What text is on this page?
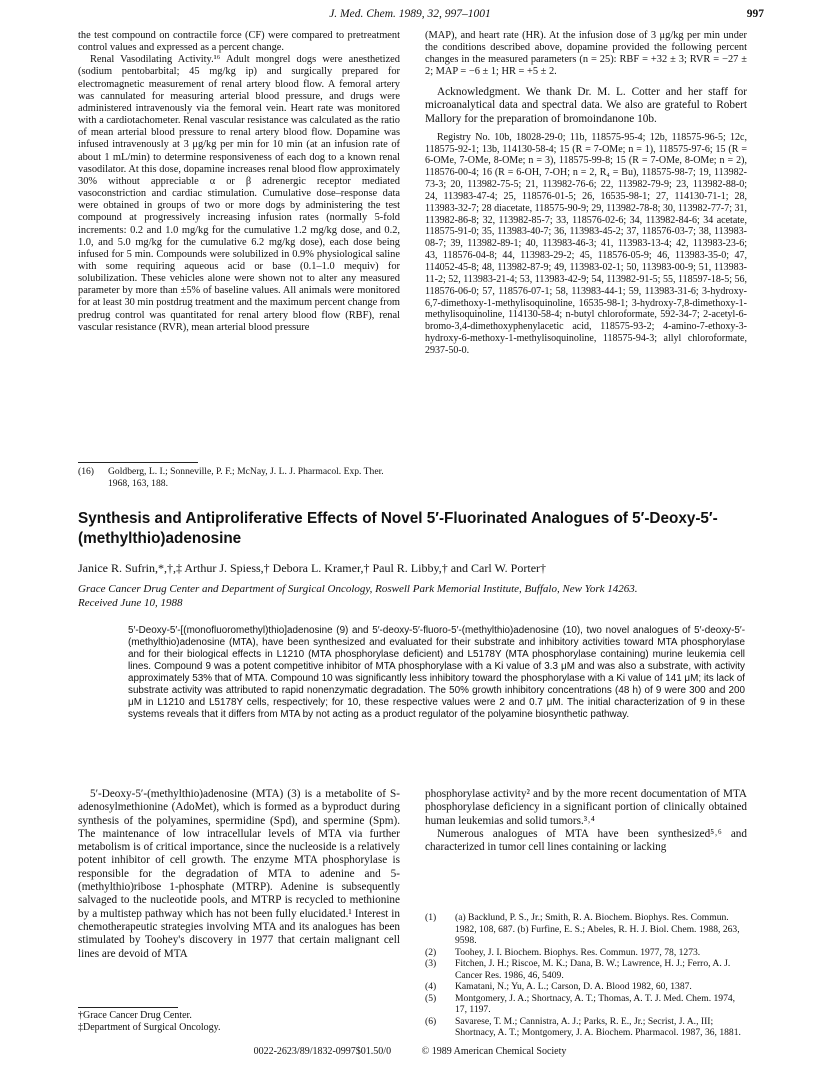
J. Med. Chem. 1989, 32, 997–1001	997

the test compound on contractile force (CF) were compared to pretreatment control values and expressed as a percent change.

Renal Vasodilating Activity.¹⁶ Adult mongrel dogs were anesthetized (sodium pentobarbital; 45 mg/kg ip) and surgically prepared for electromagnetic measurement of renal artery blood flow. A femoral artery was cannulated for measuring arterial blood pressure, and drugs were administered intravenously via the femoral vein. Heart rate was monitored with a cardiotachometer. Renal vascular resistance was calculated as the ratio of mean arterial blood pressure to renal artery blood flow. Dopamine was infused intravenously at 3 μg/kg per min for 10 min (at an infusion rate of about 1 mL/min) to determine responsiveness of each dog to a known renal vasodilator. At this dose, dopamine increases renal blood flow approximately 30% without appreciable α or β adrenergic receptor mediated vasoconstriction and cardiac stimulation. Cumulative dose–response data were obtained in groups of two or more dogs by administering the test compound at progressively increasing infusion rates (normally 5-fold increments: 0.2 and 1.0 mg/kg for the cumulative 1.2 mg/kg dose, and 0.2, 1.0, and 5.0 mg/kg for the cumulative 6.2 mg/kg dose), each dose being infused for 5 min. Compounds were solubilized in 0.9% physiological saline with some requiring aqueous acid or base (0.1–1.0 mequiv) for solubilization. These vehicles alone were shown not to alter any measured parameter by more than ±5% of baseline values. All animals were monitored for at least 30 min postdrug treatment and the maximum percent change from predrug control was quantitated for renal artery blood flow (RBF), renal vascular resistance (RVR), mean arterial blood pressure

(16) Goldberg, L. I.; Sonneville, P. F.; McNay, J. L. J. Pharmacol. Exp. Ther. 1968, 163, 188.

(MAP), and heart rate (HR). At the infusion dose of 3 μg/kg per min under the conditions described above, dopamine provided the following percent changes in the measured parameters (n = 25): RBF = +32 ± 3; RVR = −27 ± 2; MAP = −6 ± 1; HR = +5 ± 2.

Acknowledgment. We thank Dr. M. L. Cotter and her staff for microanalytical data and spectral data. We also are grateful to Robert Mallory for the preparation of bromoindanone 10b.

Registry No. 10b, 18028-29-0; 11b, 118575-95-4; 12b, 118575-96-5; 12c, 118575-92-1; 13b, 114130-58-4; 15 (R = 7-OMe; n = 1), 118575-97-6; 15 (R = 6-OMe, 7-OMe, 8-OMe; n = 3), 118575-99-8; 15 (R = 7-OMe, 8-OMe; n = 2), 118576-00-4; 16 (R = 6-OH, 7-OH; n = 2, R₄ = Bu), 118575-98-7; 19, 113982-73-3; 20, 113982-75-5; 21, 113982-76-6; 22, 113982-79-9; 23, 113982-88-0; 24, 113983-47-4; 25, 118576-01-5; 26, 16535-98-1; 27, 114130-71-1; 28, 113983-32-7; 28 diacetate, 118575-90-9; 29, 113982-78-8; 30, 113982-77-7; 31, 113982-86-8; 32, 113982-85-7; 33, 118576-02-6; 34, 113982-84-6; 34 acetate, 118575-91-0; 35, 113983-40-7; 36, 113983-45-2; 37, 118576-03-7; 38, 113983-08-7; 39, 113982-89-1; 40, 113983-46-3; 41, 113983-13-4; 42, 113983-23-6; 43, 118576-04-8; 44, 113983-29-2; 45, 118576-05-9; 46, 113983-35-0; 47, 114052-45-8; 48, 113982-87-9; 49, 113983-02-1; 50, 113983-00-9; 51, 113983-11-2; 52, 113983-21-4; 53, 113983-42-9; 54, 113982-91-5; 55, 118597-18-5; 56, 118576-06-0; 57, 118576-07-1; 58, 113983-44-1; 59, 113983-31-6; 3-hydroxy-6,7-dimethoxy-1-methylisoquinoline, 16535-98-1; 3-hydroxy-7,8-dimethoxy-1-methylisoquinoline, 114130-58-4; n-butyl chloroformate, 592-34-7; 2-acetyl-6-bromo-3,4-dimethoxyphenylacetic acid, 118575-93-2; 4-amino-7-ethoxy-3-hydroxy-6-methoxy-1-methylisoquinoline, 118575-94-3; allyl chloroformate, 2937-50-0.

Synthesis and Antiproliferative Effects of Novel 5′-Fluorinated Analogues of 5′-Deoxy-5′-(methylthio)adenosine
Janice R. Sufrin,*,†,‡ Arthur J. Spiess,† Debora L. Kramer,† Paul R. Libby,† and Carl W. Porter†
Grace Cancer Drug Center and Department of Surgical Oncology, Roswell Park Memorial Institute, Buffalo, New York 14263.
Received June 10, 1988
5′-Deoxy-5′-[(monofluoromethyl)thio]adenosine (9) and 5′-deoxy-5′-fluoro-5′-(methylthio)adenosine (10), two novel analogues of 5′-deoxy-5′-(methylthio)adenosine (MTA), have been synthesized and evaluated for their substrate and inhibitory activities toward MTA phosphorylase and for their biological effects in L1210 (MTA phosphorylase deficient) and L5178Y (MTA phosphorylase containing) murine leukemia cell lines. Compound 9 was a potent competitive inhibitor of MTA phosphorylase with a Ki value of 3.3 μM and was also a substrate, with activity approximately 53% that of MTA. Compound 10 was significantly less inhibitory toward the phosphorylase with a Ki value of 141 μM; its lack of substrate activity was attributed to rapid nonenzymatic degradation. The 50% growth inhibitory concentrations (48 h) of 9 were 300 and 200 μM in L1210 and L5178Y cells, respectively; for 10, these respective values were 2 and 0.7 μM. The initial characterization of 9 in these systems reveals that it differs from MTA by not acting as a product regulator of the polyamine biosynthetic pathway.

5′-Deoxy-5′-(methylthio)adenosine (MTA) (3) is a metabolite of S-adenosylmethionine (AdoMet), which is formed as a byproduct during synthesis of the polyamines, spermidine (Spd), and spermine (Spm). The maintenance of low intracellular levels of MTA via further metabolism is of critical importance, since the nucleoside is a relatively potent inhibitor of cell growth. The enzyme MTA phosphorylase is responsible for the degradation of MTA to adenine and 5-(methylthio)ribose 1-phosphate (MTRP). Adenine is subsequently salvaged to the nucleotide pools, and MTRP is recycled to methionine by a multistep pathway which has not been fully elucidated.¹ Interest in chemotherapeutic strategies involving MTA and its analogues has been stimulated by Toohey's discovery in 1977 that certain malignant cell lines are devoid of MTA

phosphorylase activity² and by the more recent documentation of MTA phosphorylase deficiency in a significant portion of clinically obtained human leukemias and solid tumors.³˒⁴

Numerous analogues of MTA have been synthesized⁵˒⁶ and characterized in tumor cell lines containing or lacking

(1) (a) Backlund, P. S., Jr.; Smith, R. A. Biochem. Biophys. Res. Commun. 1982, 108, 687. (b) Furfine, E. S.; Abeles, R. H. J. Biol. Chem. 1988, 263, 9598.
(2) Toohey, J. I. Biochem. Biophys. Res. Commun. 1977, 78, 1273.
(3) Fitchen, J. H.; Riscoe, M. K.; Dana, B. W.; Lawrence, H. J.; Ferro, A. J. Cancer Res. 1986, 46, 5409.
(4) Kamatani, N.; Yu, A. L.; Carson, D. A. Blood 1982, 60, 1387.
(5) Montgomery, J. A.; Shortnacy, A. T.; Thomas, A. T. J. Med. Chem. 1974, 17, 1197.
(6) Savarese, T. M.; Cannistra, A. J.; Parks, R. E., Jr.; Secrist, J. A., III; Shortnacy, A. T.; Montgomery, J. A. Biochem. Pharmacol. 1987, 36, 1881.
†Grace Cancer Drug Center.
‡Department of Surgical Oncology.
0022-2623/89/1832-0997$01.50/0	© 1989 American Chemical Society
